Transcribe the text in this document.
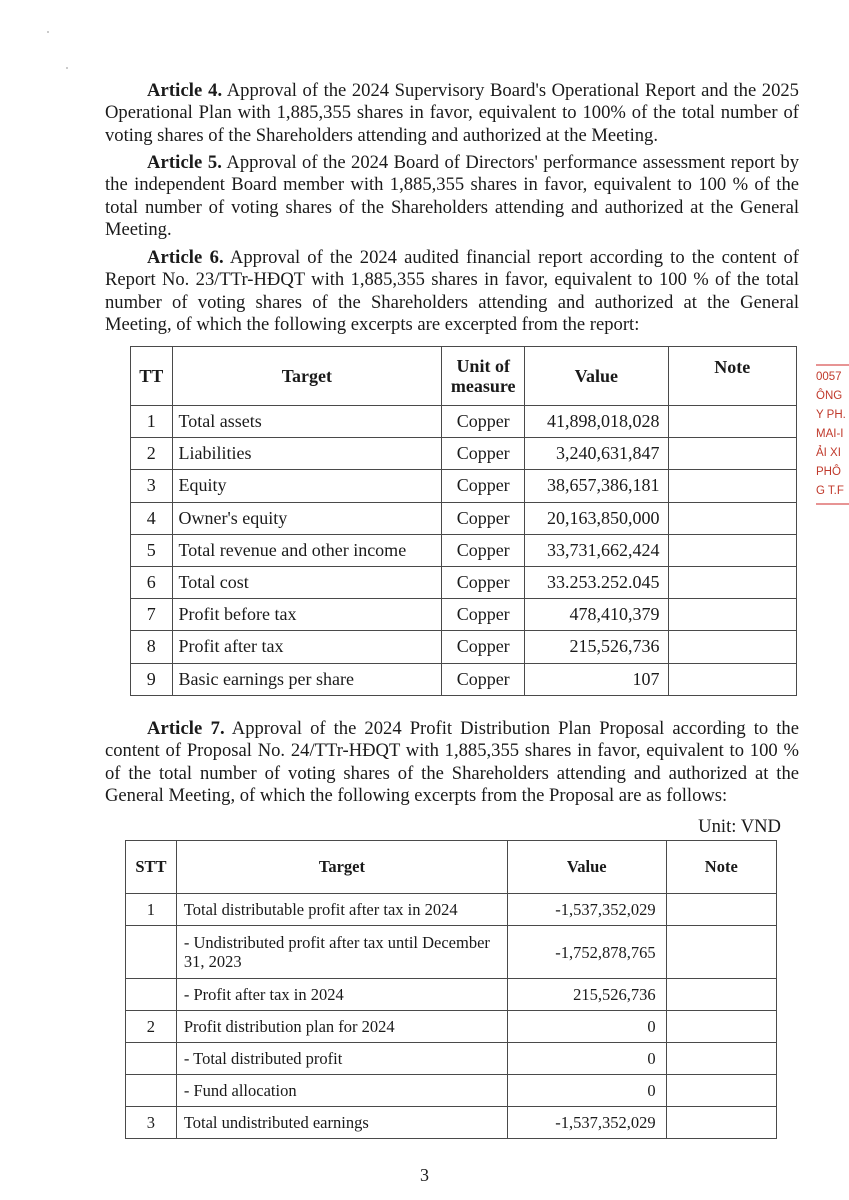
Article 4. Approval of the 2024 Supervisory Board's Operational Report and the 2025 Operational Plan with 1,885,355 shares in favor, equivalent to 100% of the total number of voting shares of the Shareholders attending and authorized at the Meeting.

Article 5. Approval of the 2024 Board of Directors' performance assessment report by the independent Board member with 1,885,355 shares in favor, equivalent to 100 % of the total number of voting shares of the Shareholders attending and authorized at the General Meeting.

Article 6. Approval of the 2024 audited financial report according to the content of Report No. 23/TTr-HĐQT with 1,885,355 shares in favor, equivalent to 100 % of the total number of voting shares of the Shareholders attending and authorized at the General Meeting, of which the following excerpts are excerpted from the report:

TT	Target	Unit of measure	Value	Note
1	Total assets	Copper	41,898,018,028	
2	Liabilities	Copper	3,240,631,847	
3	Equity	Copper	38,657,386,181	
4	Owner's equity	Copper	20,163,850,000	
5	Total revenue and other income	Copper	33,731,662,424	
6	Total cost	Copper	33.253.252.045	
7	Profit before tax	Copper	478,410,379	
8	Profit after tax	Copper	215,526,736	
9	Basic earnings per share	Copper	107	

Article 7. Approval of the 2024 Profit Distribution Plan Proposal according to the content of Proposal No. 24/TTr-HĐQT with 1,885,355 shares in favor, equivalent to 100 % of the total number of voting shares of the Shareholders attending and authorized at the General Meeting, of which the following excerpts from the Proposal are as follows:

Unit: VND
STT	Target	Value	Note
1	Total distributable profit after tax in 2024	-1,537,352,029	
	- Undistributed profit after tax until December 31, 2023	-1,752,878,765	
	- Profit after tax in 2024	215,526,736	
2	Profit distribution plan for 2024	0	
	- Total distributed profit	0	
	- Fund allocation	0	
3	Total undistributed earnings	-1,537,352,029	
0057
ÔNG
Y PH.
MAI-I
ẢI XI
PHÔ
G T.F
3
